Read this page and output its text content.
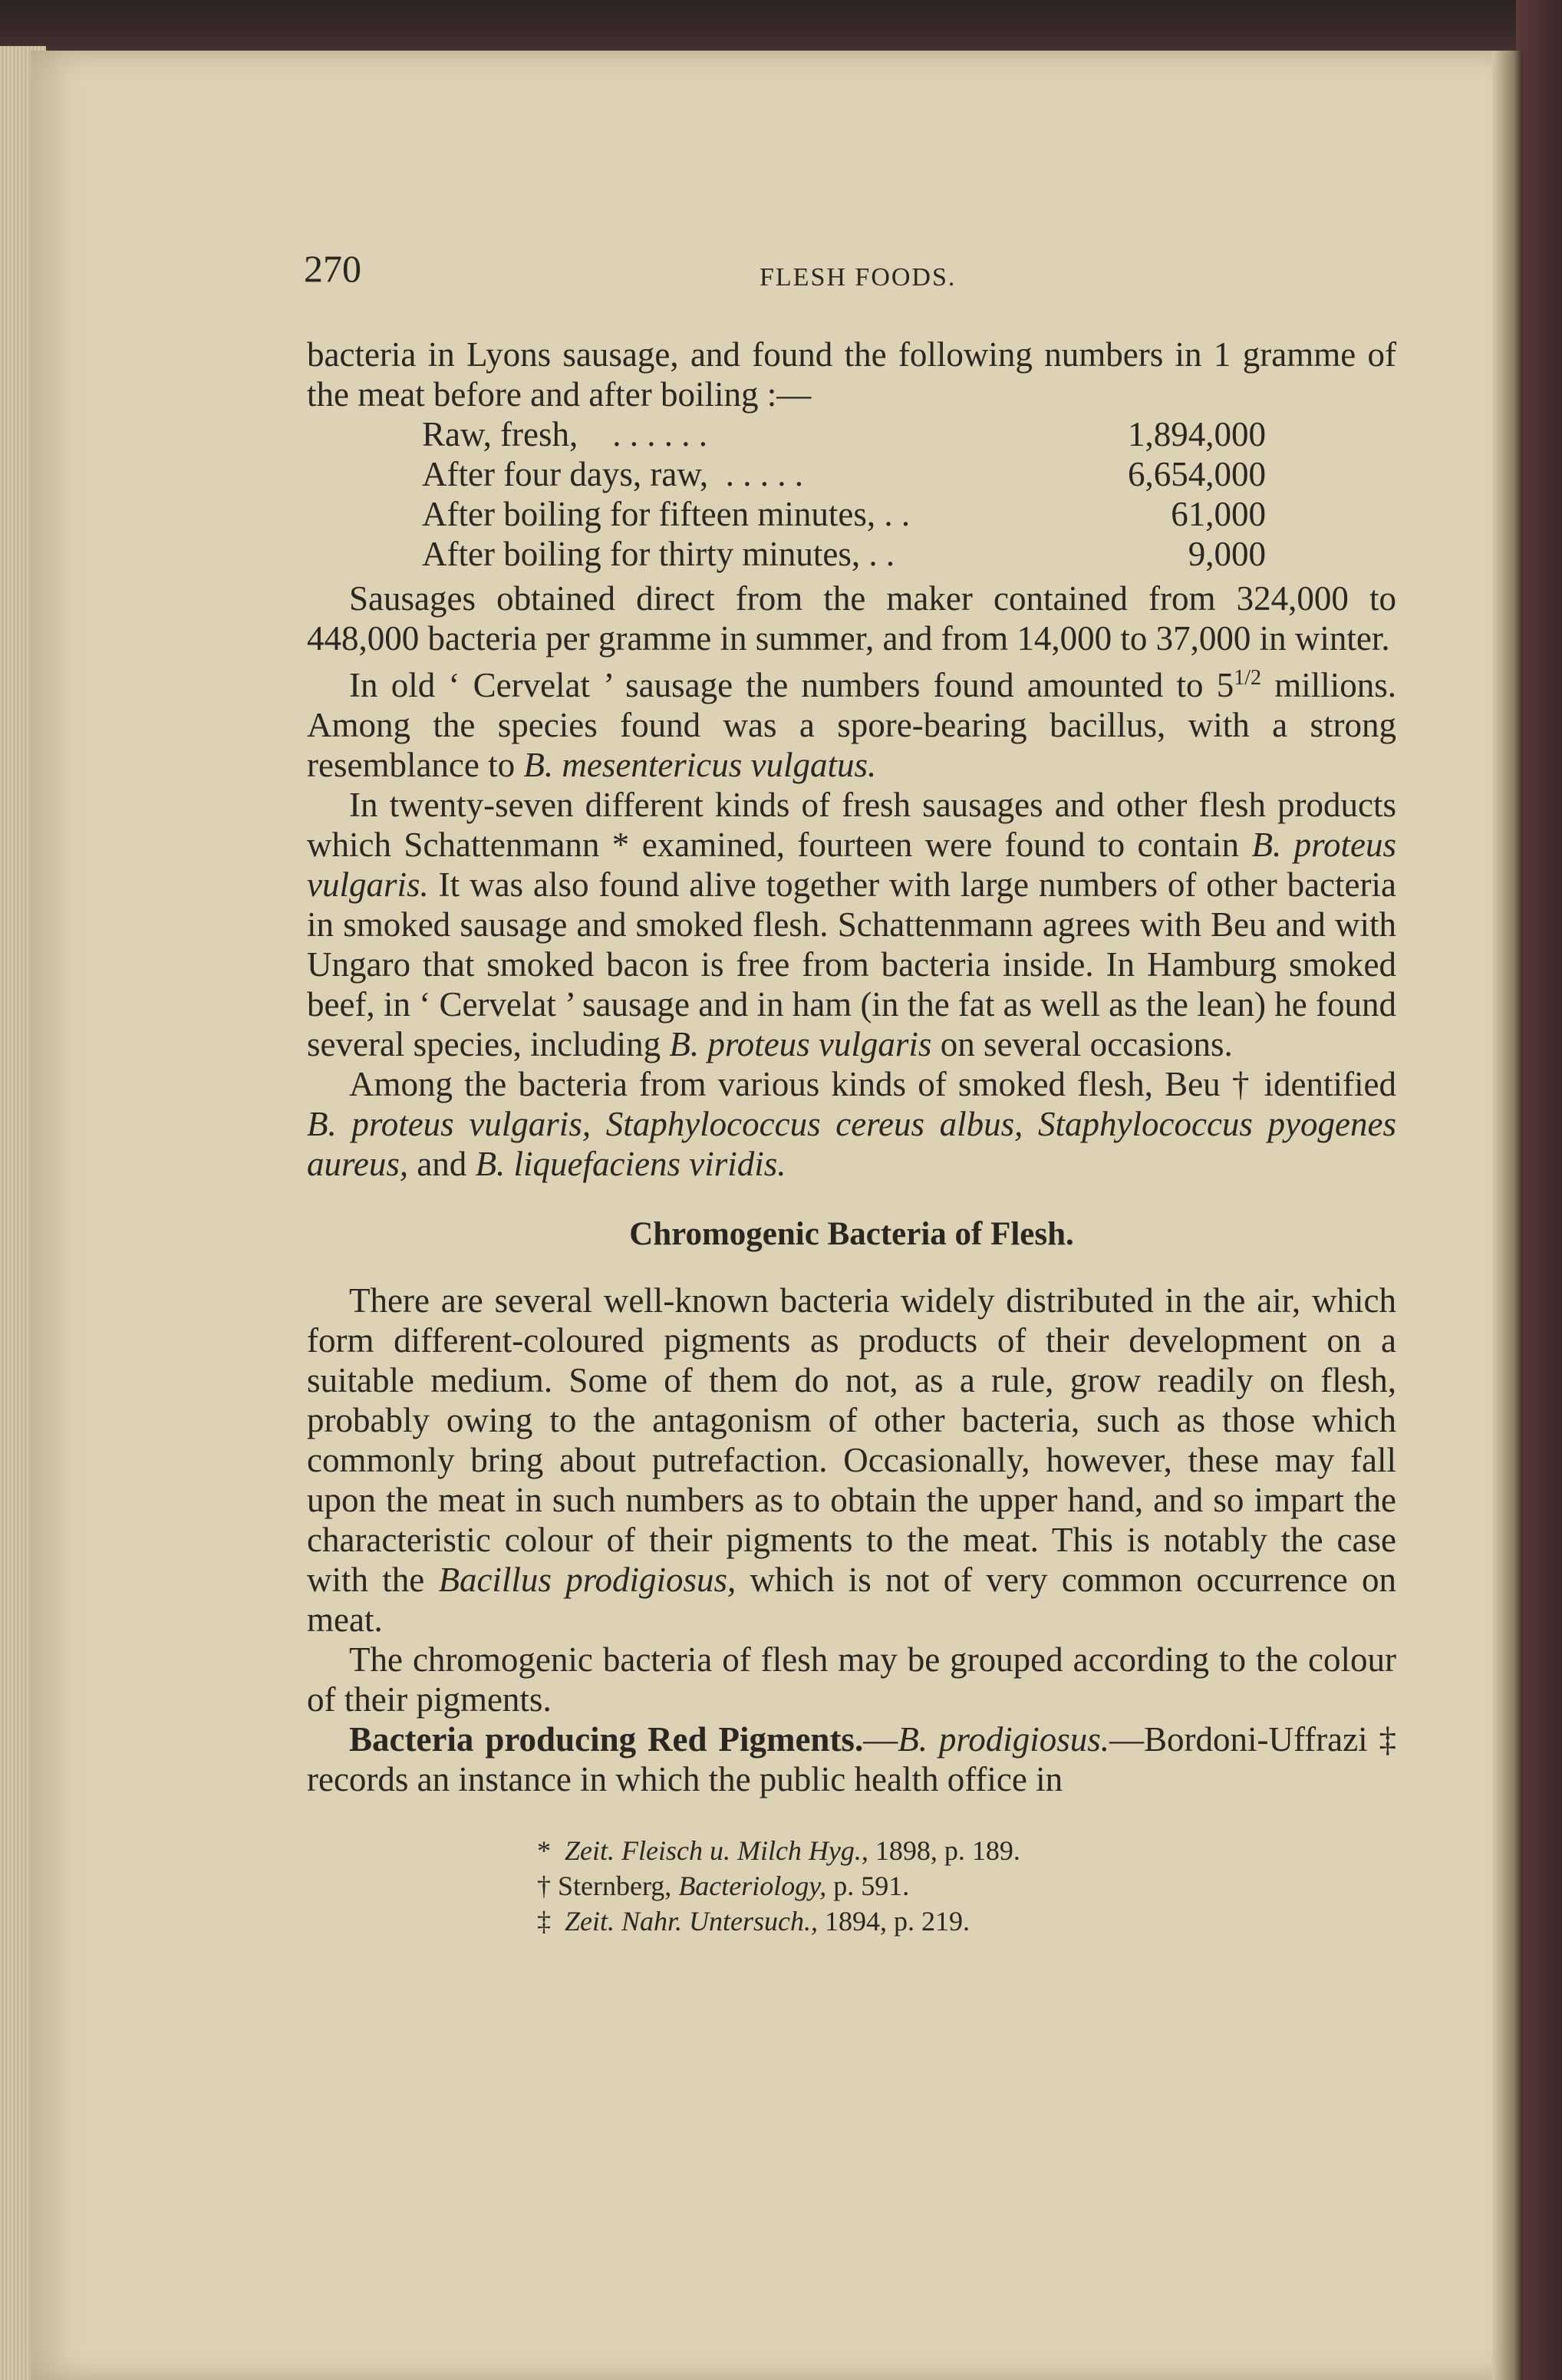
270	FLESH FOODS.

bacteria in Lyons sausage, and found the following numbers in 1 gramme of the meat before and after boiling :—

Raw, fresh, . . . . . .	1,894,000
After four days, raw, . . . . .	6,654,000
After boiling for fifteen minutes, . .	61,000
After boiling for thirty minutes, . .	9,000

Sausages obtained direct from the maker contained from 324,000 to 448,000 bacteria per gramme in summer, and from 14,000 to 37,000 in winter.

In old ‘ Cervelat ’ sausage the numbers found amounted to $5^{1/2}$ millions. Among the species found was a spore-bearing bacillus, with a strong resemblance to B. mesentericus vulgatus.

In twenty-seven different kinds of fresh sausages and other flesh products which Schattenmann * examined, fourteen were found to contain B. proteus vulgaris. It was also found alive together with large numbers of other bacteria in smoked sausage and smoked flesh. Schattenmann agrees with Beu and with Ungaro that smoked bacon is free from bacteria inside. In Hamburg smoked beef, in ‘ Cervelat ’ sausage and in ham (in the fat as well as the lean) he found several species, including B. proteus vulgaris on several occasions.

Among the bacteria from various kinds of smoked flesh, Beu † identified B. proteus vulgaris, Staphylococcus cereus albus, Staphylococcus pyogenes aureus, and B. liquefaciens viridis.

Chromogenic Bacteria of Flesh.

There are several well-known bacteria widely distributed in the air, which form different-coloured pigments as products of their development on a suitable medium. Some of them do not, as a rule, grow readily on flesh, probably owing to the antagonism of other bacteria, such as those which commonly bring about putrefaction. Occasionally, however, these may fall upon the meat in such numbers as to obtain the upper hand, and so impart the characteristic colour of their pigments to the meat. This is notably the case with the Bacillus prodigiosus, which is not of very common occurrence on meat.

The chromogenic bacteria of flesh may be grouped according to the colour of their pigments.

Bacteria producing Red Pigments.—B. prodigiosus.—Bordoni-Uffrazi ‡ records an instance in which the public health office in

* Zeit. Fleisch u. Milch Hyg., 1898, p. 189.
† Sternberg, Bacteriology, p. 591.
‡ Zeit. Nahr. Untersuch., 1894, p. 219.
